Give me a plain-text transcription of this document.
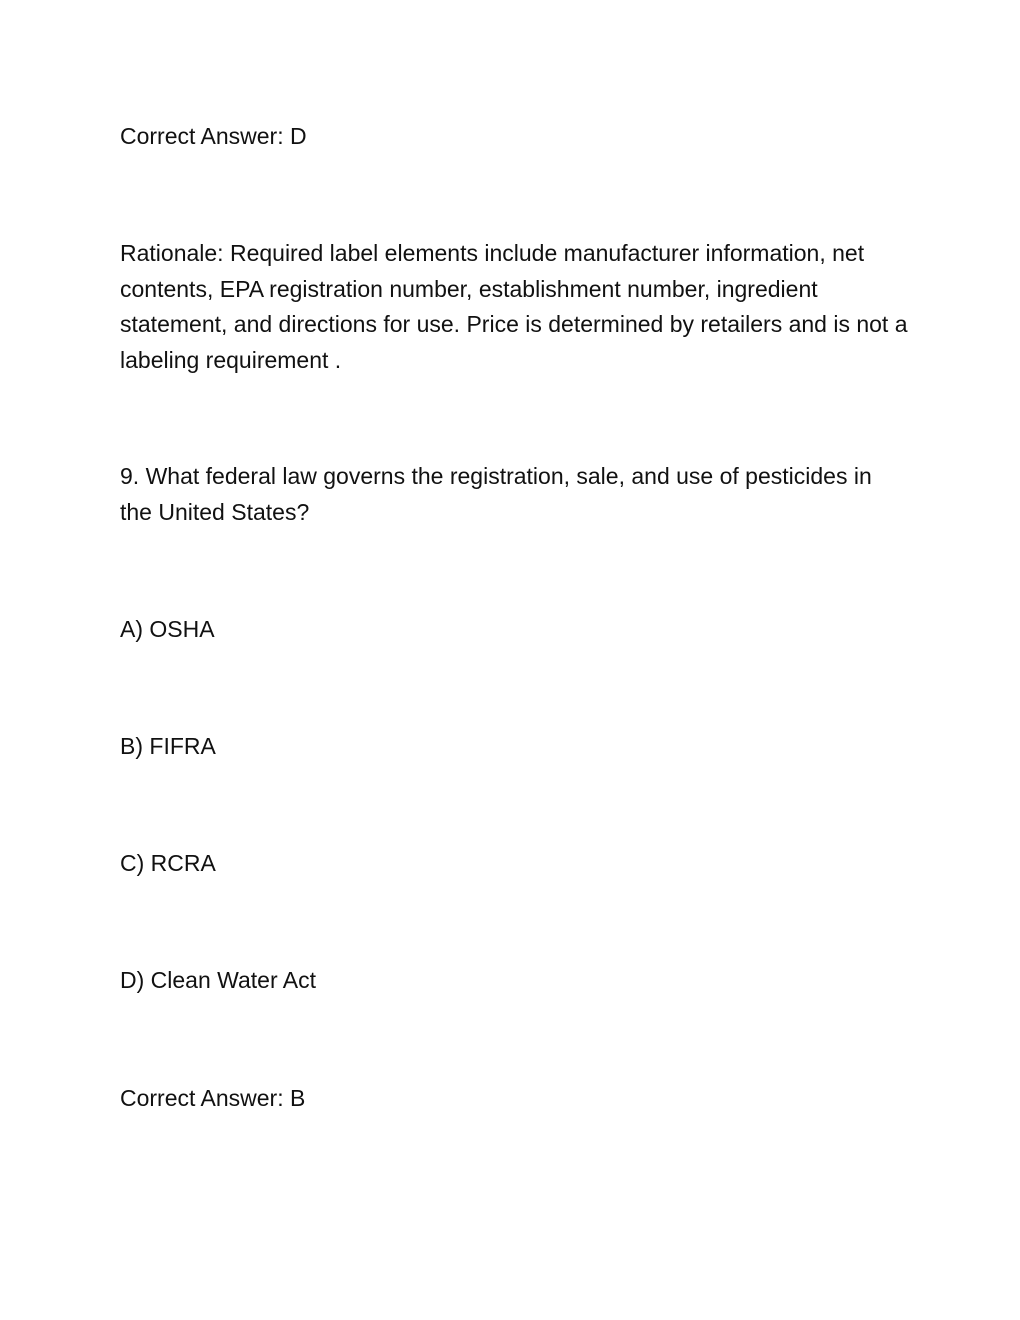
Correct Answer: D

Rationale: Required label elements include manufacturer information, net contents, EPA registration number, establishment number, ingredient statement, and directions for use. Price is determined by retailers and is not a labeling requirement .

9. What federal law governs the registration, sale, and use of pesticides in the United States?

A) OSHA

B) FIFRA

C) RCRA

D) Clean Water Act

Correct Answer: B
